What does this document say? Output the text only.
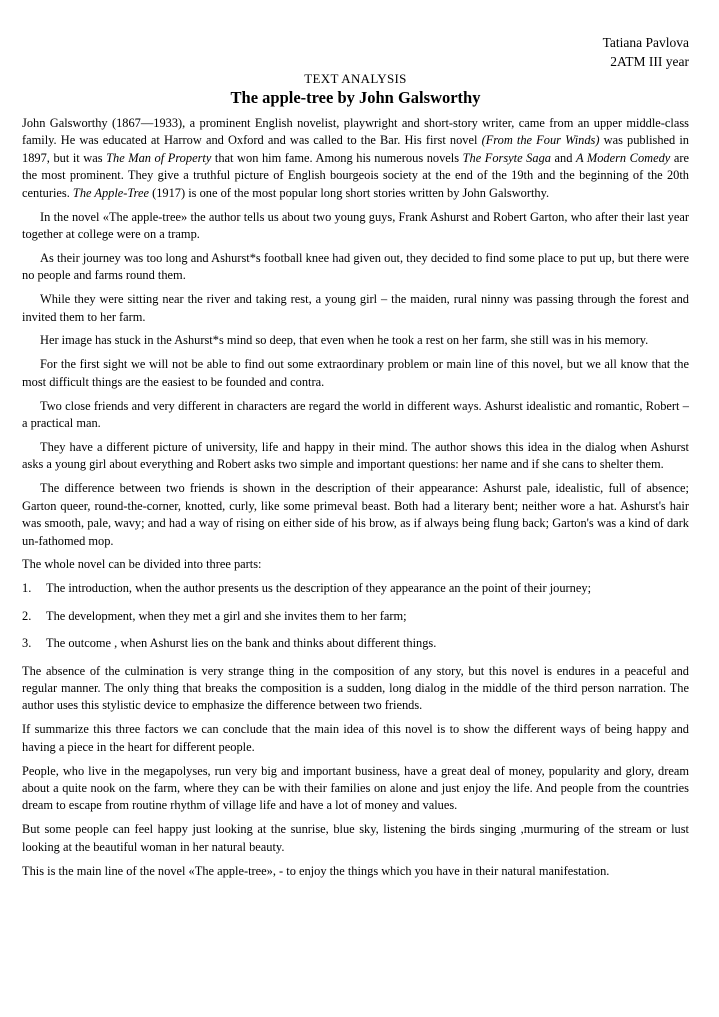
Tatiana Pavlova
2ATM III year
TEXT ANALYSIS
The apple-tree by John Galsworthy

John Galsworthy (1867—1933), a prominent English novelist, playwright and short-story writer, came from an upper middle-class family. He was educated at Harrow and Oxford and was called to the Bar. His first novel (From the Four Winds) was published in 1897, but it was The Man of Property that won him fame. Among his numerous novels The Forsyte Saga and A Modern Comedy are the most prominent. They give a truthful picture of English bourgeois society at the end of the 19th and the beginning of the 20th centuries. The Apple-Tree (1917) is one of the most popular long short stories written by John Galsworthy.

In the novel «The apple-tree» the author tells us about two young guys, Frank Ashurst and Robert Garton, who after their last year together at college were on a tramp.

As their journey was too long and Ashurst*s football knee had given out, they decided to find some place to put up, but there were no people and farms round them.

While they were sitting near the river and taking rest, a young girl – the maiden, rural ninny was passing through the forest and invited them to her farm.

Her image has stuck in the Ashurst*s mind so deep, that even when he took a rest on her farm, she still was in his memory.

For the first sight we will not be able to find out some extraordinary problem or main line of this novel, but we all know that the most difficult things are the easiest to be founded and contra.

Two close friends and very different in characters are regard the world in different ways. Ashurst idealistic and romantic, Robert –a practical man.

They have a different picture of university, life and happy in their mind. The author shows this idea in the dialog when Ashurst asks a young girl about everything and Robert asks two simple and important questions: her name and if she cans to shelter them.

The difference between two friends is shown in the description of their appearance: Ashurst pale, idealistic, full of absence; Garton queer, round-the-corner, knotted, curly, like some primeval beast. Both had a literary bent; neither wore a hat. Ashurst's hair was smooth, pale, wavy; and had a way of rising on either side of his brow, as if always being flung back; Garton's was a kind of dark un-fathomed mop.

The whole novel can be divided into three parts:

1. The introduction, when the author presents us the description of they appearance an the point of their journey;
2. The development, when they met a girl and she invites them to her farm;
3. The outcome , when Ashurst lies on the bank and thinks about different things.

The absence of the culmination is very strange thing in the composition of any story, but this novel is endures in a peaceful and regular manner. The only thing that breaks the composition is a sudden, long dialog in the middle of the third person narration. The author uses this stylistic device to emphasize the difference between two friends.

If summarize this three factors we can conclude that the main idea of this novel is to show the different ways of being happy and having a piece in the heart for different people.

People, who live in the megapolyses, run very big and important business, have a great deal of money, popularity and glory, dream about a quite nook on the farm, where they can be with their families on alone and just enjoy the life. And people from the countries dream to escape from routine rhythm of village life and have a lot of money and values.

But some people can feel happy just looking at the sunrise, blue sky, listening the birds singing ,murmuring of the stream or lust looking at the beautiful woman in her natural beauty.

This is the main line of the novel «The apple-tree», - to enjoy the things which you have in their natural manifestation.
